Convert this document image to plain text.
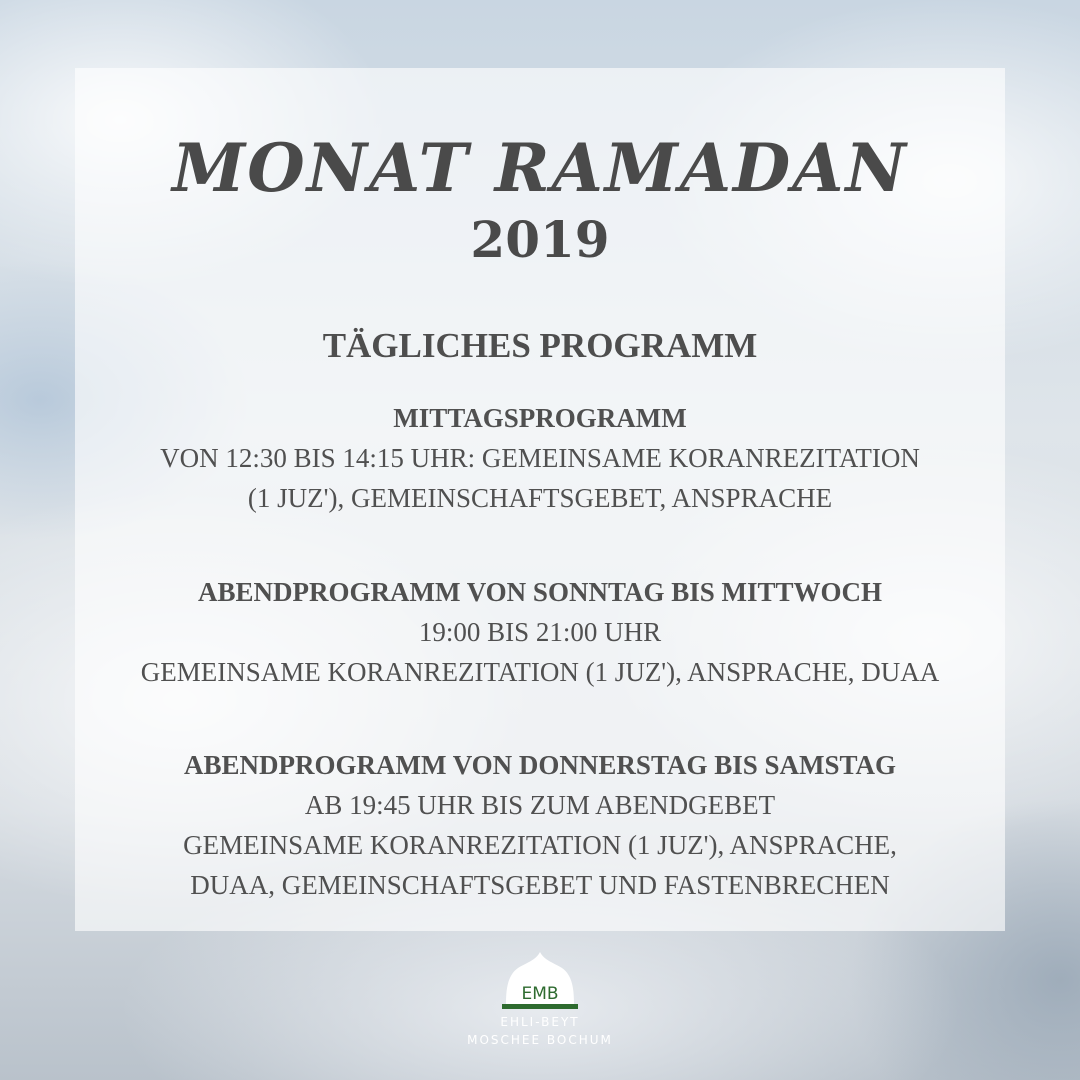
MONAT RAMADAN
2019
TÄGLICHES PROGRAMM
MITTAGSPROGRAMM
VON 12:30 BIS 14:15 UHR: GEMEINSAME KORANREZITATION
(1 JUZ'), GEMEINSCHAFTSGEBET, ANSPRACHE
ABENDPROGRAMM VON SONNTAG BIS MITTWOCH
19:00 BIS 21:00 UHR
GEMEINSAME KORANREZITATION (1 JUZ'), ANSPRACHE, DUAA
ABENDPROGRAMM VON DONNERSTAG BIS SAMSTAG
AB 19:45 UHR BIS ZUM ABENDGEBET
GEMEINSAME KORANREZITATION (1 JUZ'), ANSPRACHE,
DUAA, GEMEINSCHAFTSGEBET UND FASTENBRECHEN
EMB
EHLI-BEYT
MOSCHEE BOCHUM
